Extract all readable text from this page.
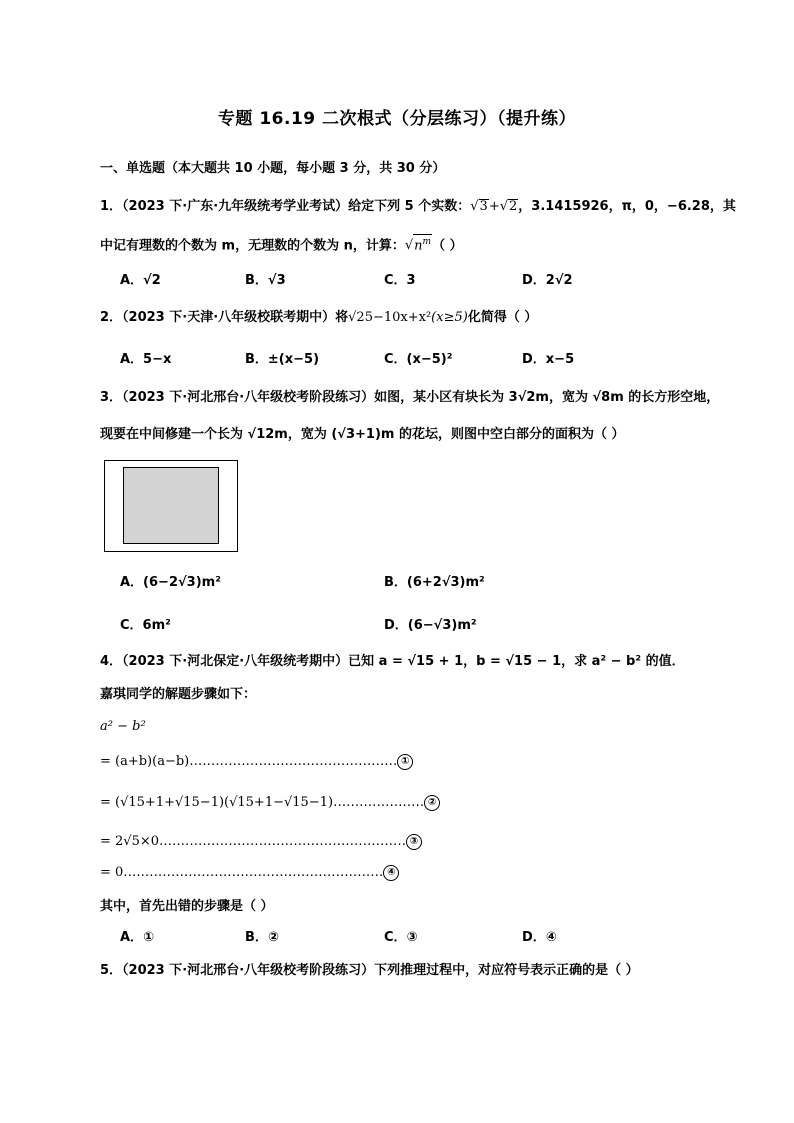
专题 16.19 二次根式（分层练习）（提升练）
一、单选题（本大题共 10 小题，每小题 3 分，共 30 分）
1．（2023 下·广东·九年级统考学业考试）给定下列 5 个实数： √ 3+ √ 2，3.1415926，π，0，−6.28，其
中记有理数的个数为 m，无理数的个数为 n，计算： √ $n^m$（ ）
A．√2	B．√3	C．3	D．2√2
2．（2023 下·天津·八年级校联考期中）将√25−10x+x²(x≥5)化简得（ ）
A．5−x	B．±(x−5)	C．(x−5)²	D．x−5
3．（2023 下·河北邢台·八年级校考阶段练习）如图，某小区有块长为 3√2m，宽为 √8m 的长方形空地，
现要在中间修建一个长为 √12m，宽为 (√3+1)m 的花坛，则图中空白部分的面积为（ ）
A．(6−2√3)m²	B．(6+2√3)m²
C．6m²	D．(6−√3)m²
4．（2023 下·河北保定·八年级统考期中）已知 a = √15 + 1，b = √15 − 1，求 a² − b² 的值．
嘉琪同学的解题步骤如下：
a² − b²
= (a+b)(a−b)………………………………………… ①
= (√15+1+√15−1)(√15+1−√15−1)………………… ②
= 2√5×0………………………………………………… ③
= 0…………………………………………………… ④
其中，首先出错的步骤是（ ）
A．①	B．②	C．③	D．④
5．（2023 下·河北邢台·八年级校考阶段练习）下列推理过程中，对应符号表示正确的是（ ）
